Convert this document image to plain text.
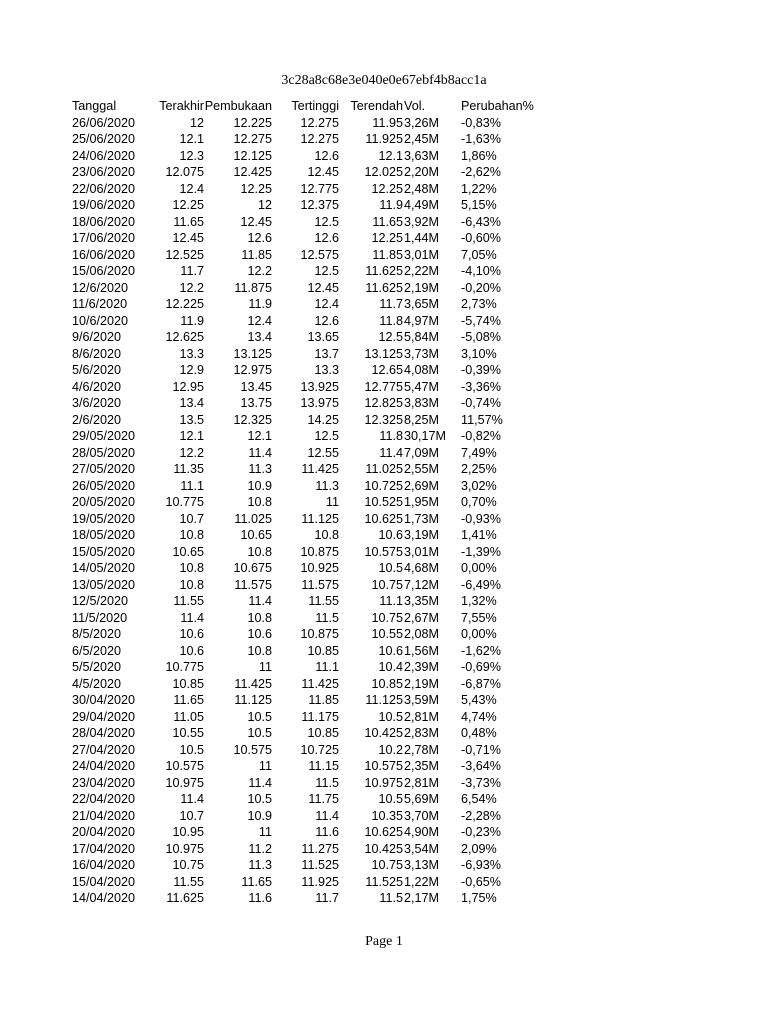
3c28a8c68e3e040e0e67ebf4b8acc1a
Tanggal	Terakhir	Pembukaan	Tertinggi	Terendah	Vol.	Perubahan%
26/06/2020	12	12.225	12.275	11.95	3,26M	-0,83%
25/06/2020	12.1	12.275	12.275	11.925	2,45M	-1,63%
24/06/2020	12.3	12.125	12.6	12.1	3,63M	1,86%
23/06/2020	12.075	12.425	12.45	12.025	2,20M	-2,62%
22/06/2020	12.4	12.25	12.775	12.25	2,48M	1,22%
19/06/2020	12.25	12	12.375	11.9	4,49M	5,15%
18/06/2020	11.65	12.45	12.5	11.65	3,92M	-6,43%
17/06/2020	12.45	12.6	12.6	12.25	1,44M	-0,60%
16/06/2020	12.525	11.85	12.575	11.85	3,01M	7,05%
15/06/2020	11.7	12.2	12.5	11.625	2,22M	-4,10%
12/6/2020	12.2	11.875	12.45	11.625	2,19M	-0,20%
11/6/2020	12.225	11.9	12.4	11.7	3,65M	2,73%
10/6/2020	11.9	12.4	12.6	11.8	4,97M	-5,74%
9/6/2020	12.625	13.4	13.65	12.5	5,84M	-5,08%
8/6/2020	13.3	13.125	13.7	13.125	3,73M	3,10%
5/6/2020	12.9	12.975	13.3	12.65	4,08M	-0,39%
4/6/2020	12.95	13.45	13.925	12.775	5,47M	-3,36%
3/6/2020	13.4	13.75	13.975	12.825	3,83M	-0,74%
2/6/2020	13.5	12.325	14.25	12.325	8,25M	11,57%
29/05/2020	12.1	12.1	12.5	11.8	30,17M	-0,82%
28/05/2020	12.2	11.4	12.55	11.4	7,09M	7,49%
27/05/2020	11.35	11.3	11.425	11.025	2,55M	2,25%
26/05/2020	11.1	10.9	11.3	10.725	2,69M	3,02%
20/05/2020	10.775	10.8	11	10.525	1,95M	0,70%
19/05/2020	10.7	11.025	11.125	10.625	1,73M	-0,93%
18/05/2020	10.8	10.65	10.8	10.6	3,19M	1,41%
15/05/2020	10.65	10.8	10.875	10.575	3,01M	-1,39%
14/05/2020	10.8	10.675	10.925	10.5	4,68M	0,00%
13/05/2020	10.8	11.575	11.575	10.75	7,12M	-6,49%
12/5/2020	11.55	11.4	11.55	11.1	3,35M	1,32%
11/5/2020	11.4	10.8	11.5	10.75	2,67M	7,55%
8/5/2020	10.6	10.6	10.875	10.55	2,08M	0,00%
6/5/2020	10.6	10.8	10.85	10.6	1,56M	-1,62%
5/5/2020	10.775	11	11.1	10.4	2,39M	-0,69%
4/5/2020	10.85	11.425	11.425	10.85	2,19M	-6,87%
30/04/2020	11.65	11.125	11.85	11.125	3,59M	5,43%
29/04/2020	11.05	10.5	11.175	10.5	2,81M	4,74%
28/04/2020	10.55	10.5	10.85	10.425	2,83M	0,48%
27/04/2020	10.5	10.575	10.725	10.2	2,78M	-0,71%
24/04/2020	10.575	11	11.15	10.575	2,35M	-3,64%
23/04/2020	10.975	11.4	11.5	10.975	2,81M	-3,73%
22/04/2020	11.4	10.5	11.75	10.5	5,69M	6,54%
21/04/2020	10.7	10.9	11.4	10.35	3,70M	-2,28%
20/04/2020	10.95	11	11.6	10.625	4,90M	-0,23%
17/04/2020	10.975	11.2	11.275	10.425	3,54M	2,09%
16/04/2020	10.75	11.3	11.525	10.75	3,13M	-6,93%
15/04/2020	11.55	11.65	11.925	11.525	1,22M	-0,65%
14/04/2020	11.625	11.6	11.7	11.5	2,17M	1,75%
Page 1
